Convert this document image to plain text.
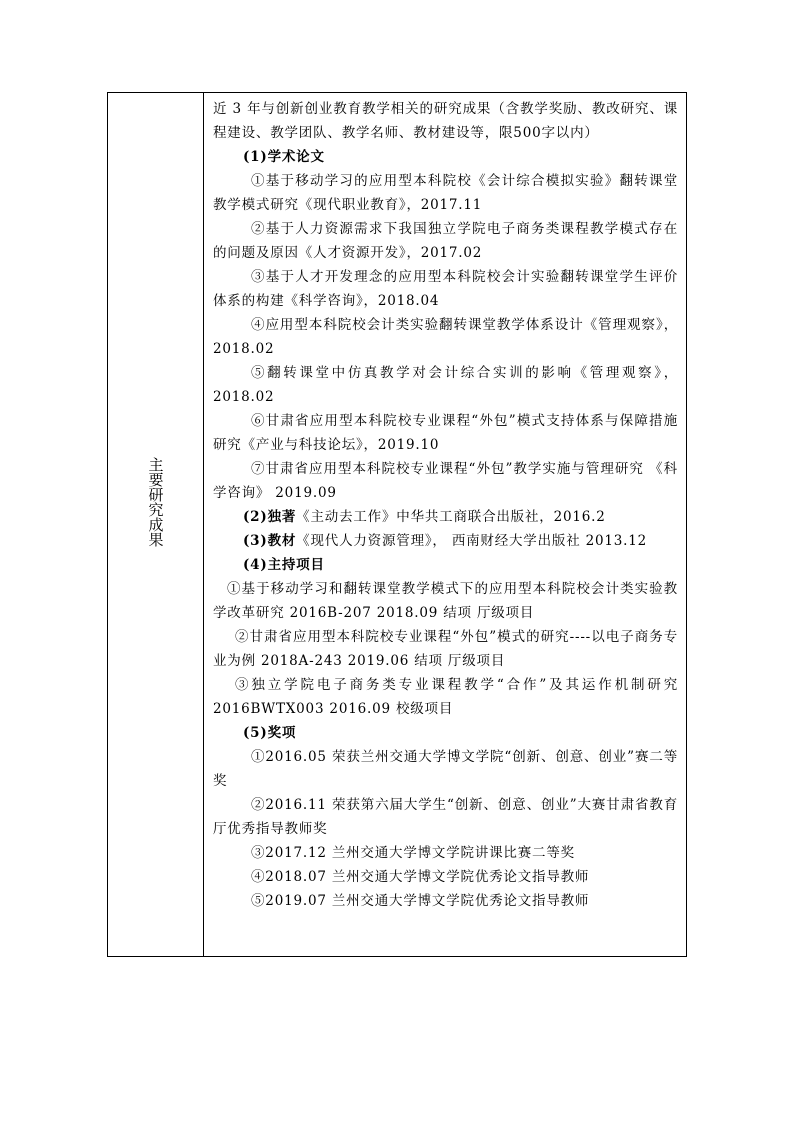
主要研究成果

近 3 年与创新创业教育教学相关的研究成果（含教学奖励、教改研究、课程建设、教学团队、教学名师、教材建设等，限500字以内）

(1)学术论文

①基于移动学习的应用型本科院校《会计综合模拟实验》翻转课堂教学模式研究《现代职业教育》，2017.11

②基于人力资源需求下我国独立学院电子商务类课程教学模式存在的问题及原因《人才资源开发》，2017.02

③基于人才开发理念的应用型本科院校会计实验翻转课堂学生评价体系的构建《科学咨询》，2018.04

④应用型本科院校会计类实验翻转课堂教学体系设计《管理观察》，2018.02

⑤翻转课堂中仿真教学对会计综合实训的影响《管理观察》，2018.02

⑥甘肃省应用型本科院校专业课程“外包”模式支持体系与保障措施研究《产业与科技论坛》，2019.10

⑦甘肃省应用型本科院校专业课程“外包”教学实施与管理研究 《科学咨询》 2019.09

(2)独著《主动去工作》中华共工商联合出版社，2016.2

(3)教材《现代人力资源管理》， 西南财经大学出版社 2013.12

(4)主持项目

①基于移动学习和翻转课堂教学模式下的应用型本科院校会计类实验教学改革研究 2016B-207 2018.09 结项 厅级项目

②甘肃省应用型本科院校专业课程“外包”模式的研究----以电子商务专业为例 2018A-243 2019.06 结项 厅级项目

③独立学院电子商务类专业课程教学“合作”及其运作机制研究2016BWTX003 2016.09 校级项目

(5)奖项

①2016.05 荣获兰州交通大学博文学院“创新、创意、创业”赛二等奖

②2016.11 荣获第六届大学生“创新、创意、创业”大赛甘肃省教育厅优秀指导教师奖

③2017.12 兰州交通大学博文学院讲课比赛二等奖

④2018.07 兰州交通大学博文学院优秀论文指导教师

⑤2019.07 兰州交通大学博文学院优秀论文指导教师
